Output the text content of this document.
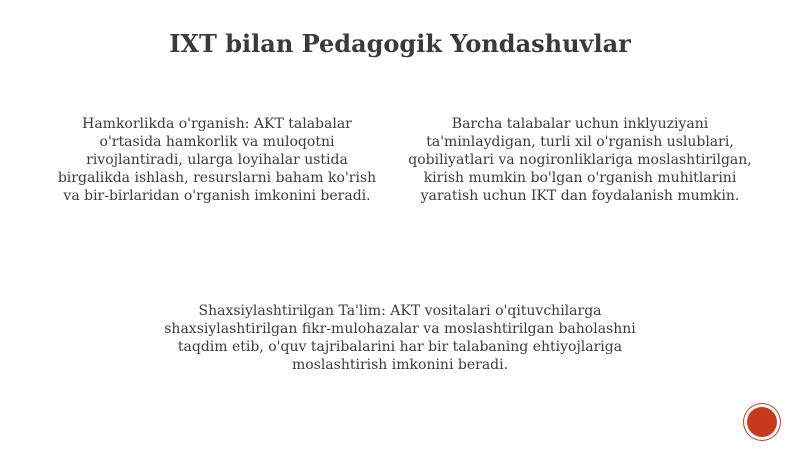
IXT bilan Pedagogik Yondashuvlar
Hamkorlikda o'rganish: AKT talabalar o'rtasida hamkorlik va muloqotni rivojlantiradi, ularga loyihalar ustida birgalikda ishlash, resurslarni baham ko'rish va bir-birlaridan o'rganish imkonini beradi.
Barcha talabalar uchun inklyuziyani ta'minlaydigan, turli xil o'rganish uslublari, qobiliyatlari va nogironliklariga moslashtirilgan, kirish mumkin bo'lgan o'rganish muhitlarini yaratish uchun IKT dan foydalanish mumkin.
Shaxsiylashtirilgan Ta'lim: AKT vositalari o'qituvchilarga shaxsiylashtirilgan fikr-mulohazalar va moslashtirilgan baholashni taqdim etib, o'quv tajribalarini har bir talabaning ehtiyojlariga moslashtirish imkonini beradi.
